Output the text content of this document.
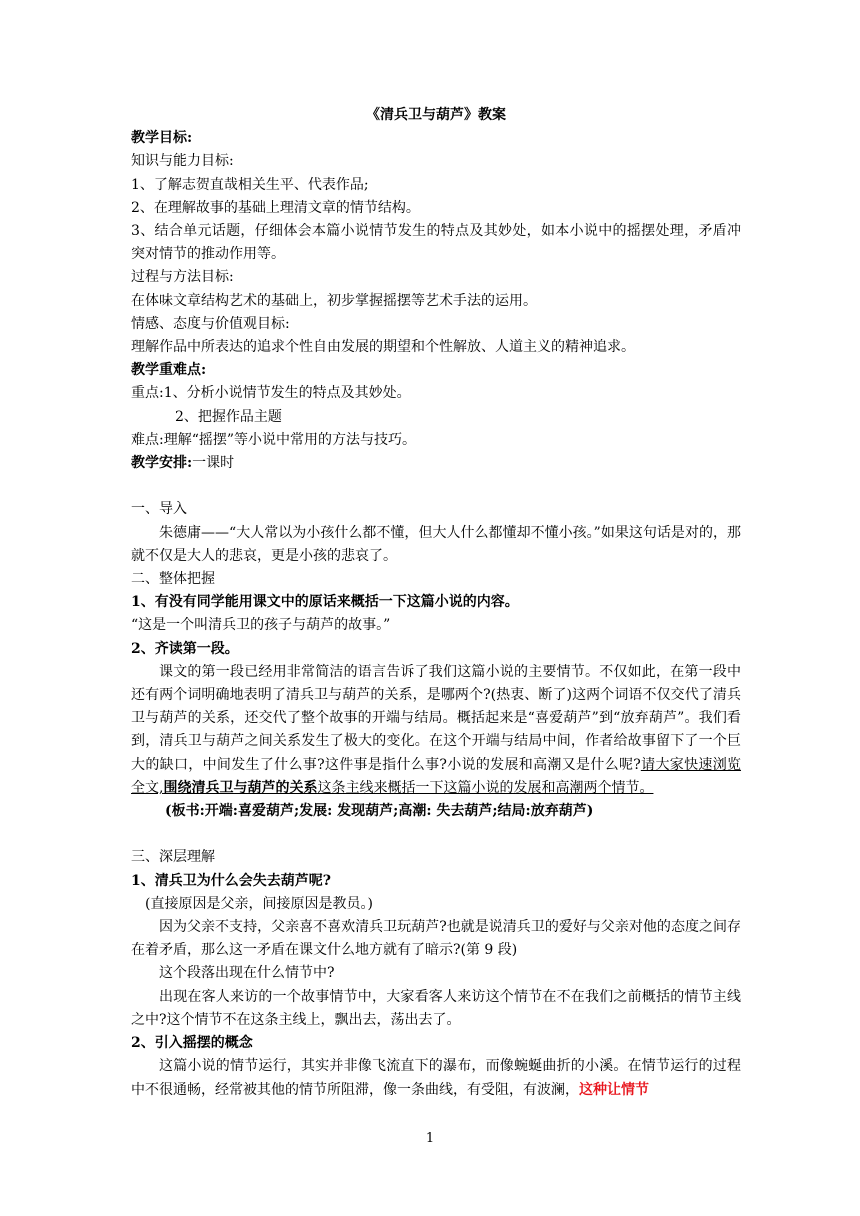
《清兵卫与葫芦》教案

教学目标:

知识与能力目标:

1、了解志贺直哉相关生平、代表作品;

2、在理解故事的基础上理清文章的情节结构。

3、结合单元话题，仔细体会本篇小说情节发生的特点及其妙处，如本小说中的摇摆处理，矛盾冲突对情节的推动作用等。

过程与方法目标:

在体味文章结构艺术的基础上，初步掌握摇摆等艺术手法的运用。

情感、态度与价值观目标:

理解作品中所表达的追求个性自由发展的期望和个性解放、人道主义的精神追求。

教学重难点:

重点:1、分析小说情节发生的特点及其妙处。

2、把握作品主题

难点:理解“摇摆”等小说中常用的方法与技巧。

教学安排:一课时

一、导入

朱德庸——“大人常以为小孩什么都不懂，但大人什么都懂却不懂小孩。”如果这句话是对的，那就不仅是大人的悲哀，更是小孩的悲哀了。

二、整体把握

1、有没有同学能用课文中的原话来概括一下这篇小说的内容。

“这是一个叫清兵卫的孩子与葫芦的故事。”

2、齐读第一段。

课文的第一段已经用非常简洁的语言告诉了我们这篇小说的主要情节。不仅如此，在第一段中还有两个词明确地表明了清兵卫与葫芦的关系，是哪两个?(热衷、断了)这两个词语不仅交代了清兵卫与葫芦的关系，还交代了整个故事的开端与结局。概括起来是“喜爱葫芦”到“放弃葫芦”。我们看到，清兵卫与葫芦之间关系发生了极大的变化。在这个开端与结局中间，作者给故事留下了一个巨大的缺口，中间发生了什么事?这件事是指什么事?小说的发展和高潮又是什么呢?请大家快速浏览全文,围绕清兵卫与葫芦的关系这条主线来概括一下这篇小说的发展和高潮两个情节。

(板书:开端:喜爱葫芦;发展: 发现葫芦;高潮: 失去葫芦;结局:放弃葫芦)

三、深层理解

1、清兵卫为什么会失去葫芦呢?

(直接原因是父亲，间接原因是教员。)

因为父亲不支持，父亲喜不喜欢清兵卫玩葫芦?也就是说清兵卫的爱好与父亲对他的态度之间存在着矛盾，那么这一矛盾在课文什么地方就有了暗示?(第 9 段)

这个段落出现在什么情节中?

出现在客人来访的一个故事情节中，大家看客人来访这个情节在不在我们之前概括的情节主线之中?这个情节不在这条主线上，飘出去，荡出去了。

2、引入摇摆的概念

这篇小说的情节运行，其实并非像飞流直下的瀑布，而像蜿蜒曲折的小溪。在情节运行的过程中不很通畅，经常被其他的情节所阻滞，像一条曲线，有受阻，有波澜，这种让情节

1
